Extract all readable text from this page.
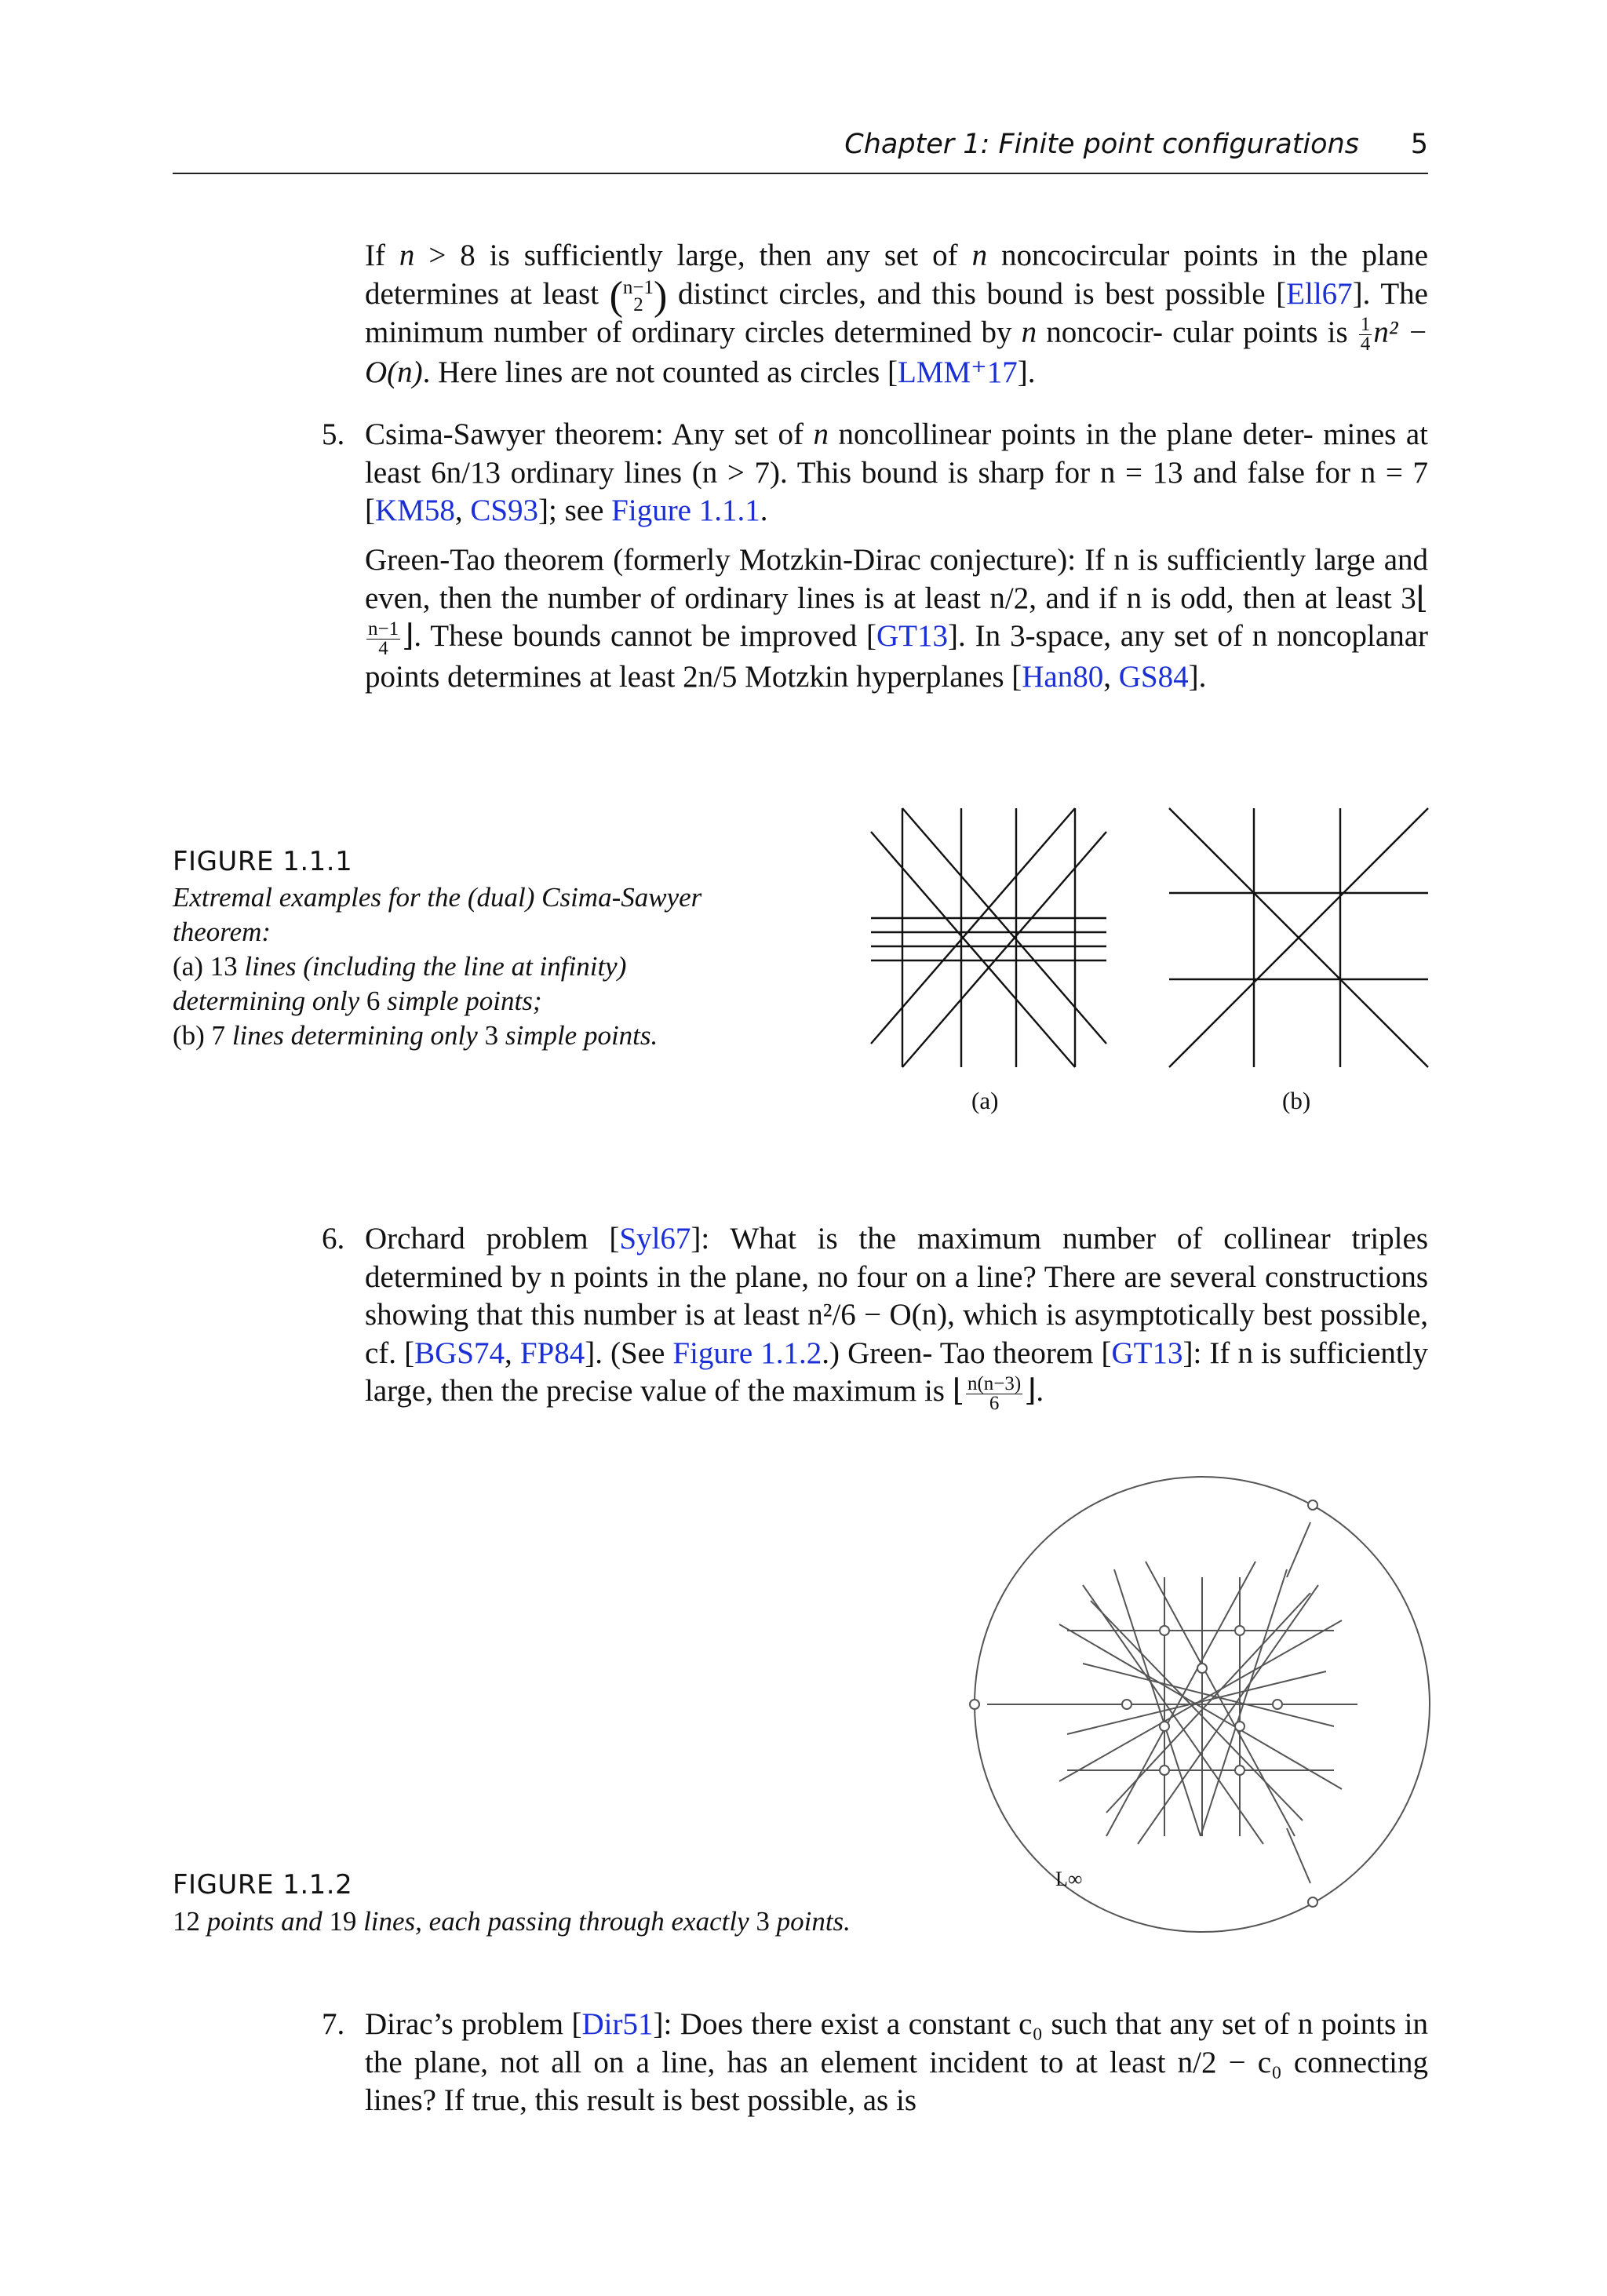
Chapter 1: Finite point configurations 5

If n > 8 is sufficiently large, then any set of n noncocircular points in the plane determines at least ( n−1
2 ) distinct circles, and this bound is best possible [Ell67]. The minimum number of ordinary circles determined by n noncocir- cular points is $\frac{1}{4} n^2 - O(n)$. Here lines are not counted as circles [LMM⁺17].

5. Csima-Sawyer theorem: Any set of n noncollinear points in the plane deter- mines at least 6n/13 ordinary lines (n > 7). This bound is sharp for n = 13 and false for n = 7 [KM58, CS93]; see Figure 1.1.1.

Green-Tao theorem (formerly Motzkin-Dirac conjecture): If n is sufficiently large and even, then the number of ordinary lines is at least n/2, and if n is odd, then at least 3⌊
$\frac{n-1}{4}$ ⌋. These bounds cannot be improved [GT13]. In 3-space, any set of n noncoplanar points determines at least 2n/5 Motzkin hyperplanes [Han80, GS84].

FIGURE 1.1.1
Extremal examples for the (dual) Csima-Sawyer
theorem:
(a) 13 lines (including the line at infinity)
determining only 6 simple points;
(b) 7 lines determining only 3 simple points.
(a)	(b)
6. Orchard problem [Syl67]: What is the maximum number of collinear triples determined by n points in the plane, no four on a line? There are several constructions showing that this number is at least n²/6 − O(n), which is asymptotically best possible, cf. [BGS74, FP84]. (See Figure 1.1.2.) Green- Tao theorem [GT13]: If n is sufficiently large, then the precise value of the maximum is ⌊ $\frac{n(n-3)}{6}$ ⌋.

L∞
FIGURE 1.1.2
12 points and 19 lines, each passing through exactly 3 points.
7. Dirac’s problem [Dir51]: Does there exist a constant c₀ such that any set of n points in the plane, not all on a line, has an element incident to at least n/2 − c₀ connecting lines? If true, this result is best possible, as is
